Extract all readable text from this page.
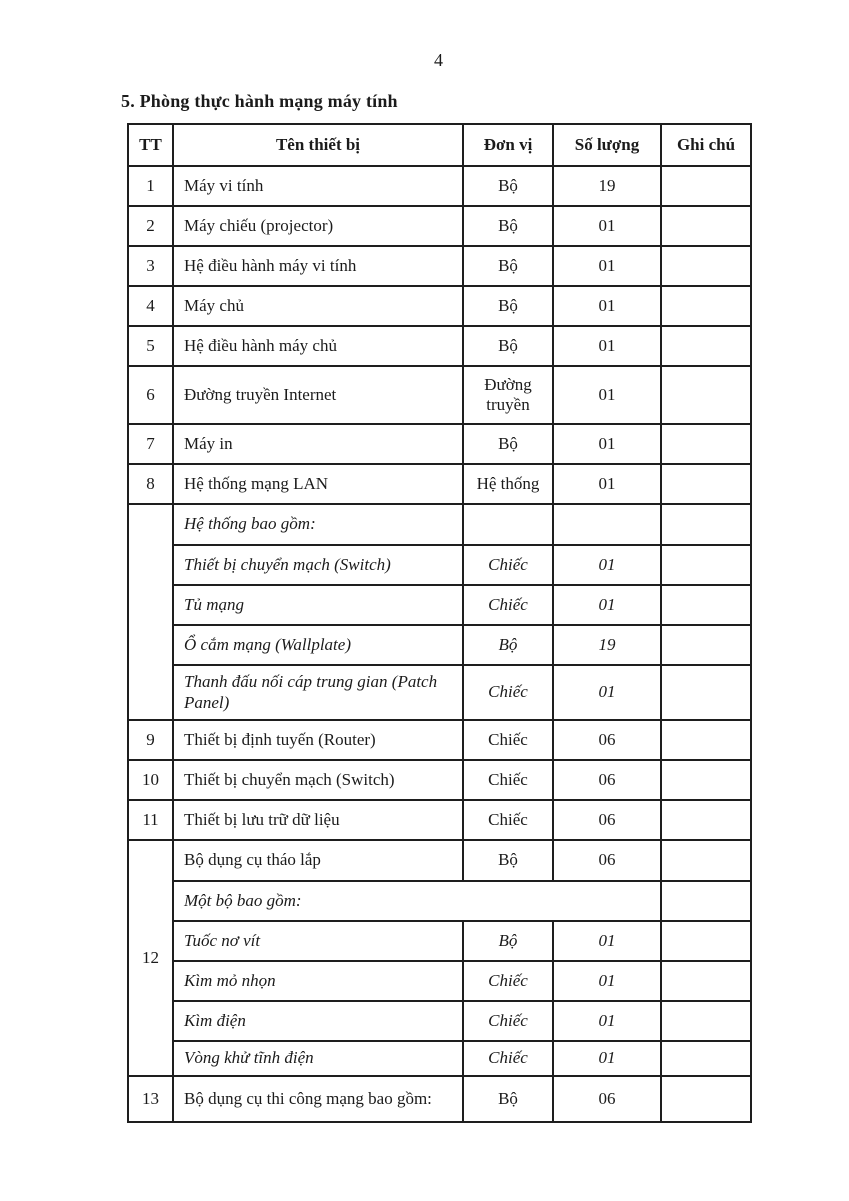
4
5. Phòng thực hành mạng máy tính
TT	Tên thiết bị	Đơn vị	Số lượng	Ghi chú
1	Máy vi tính	Bộ	19	
2	Máy chiếu (projector)	Bộ	01	
3	Hệ điều hành máy vi tính	Bộ	01	
4	Máy chủ	Bộ	01	
5	Hệ điều hành máy chủ	Bộ	01	
6	Đường truyền Internet	Đường truyền	01	
7	Máy in	Bộ	01	
8	Hệ thống mạng LAN	Hệ thống	01	
	Hệ thống bao gồm:			
	Thiết bị chuyển mạch (Switch)	Chiếc	01	
	Tủ mạng	Chiếc	01	
	Ổ cắm mạng (Wallplate)	Bộ	19	
	Thanh đấu nối cáp trung gian (Patch Panel)	Chiếc	01	
9	Thiết bị định tuyến (Router)	Chiếc	06	
10	Thiết bị chuyển mạch (Switch)	Chiếc	06	
11	Thiết bị lưu trữ dữ liệu	Chiếc	06	
12	Bộ dụng cụ tháo lắp	Bộ	06	
	Một bộ bao gồm:			
	Tuốc nơ vít	Bộ	01	
	Kìm mỏ nhọn	Chiếc	01	
	Kìm điện	Chiếc	01	
	Vòng khử tĩnh điện	Chiếc	01	
13	Bộ dụng cụ thi công mạng bao gồm:	Bộ	06	
